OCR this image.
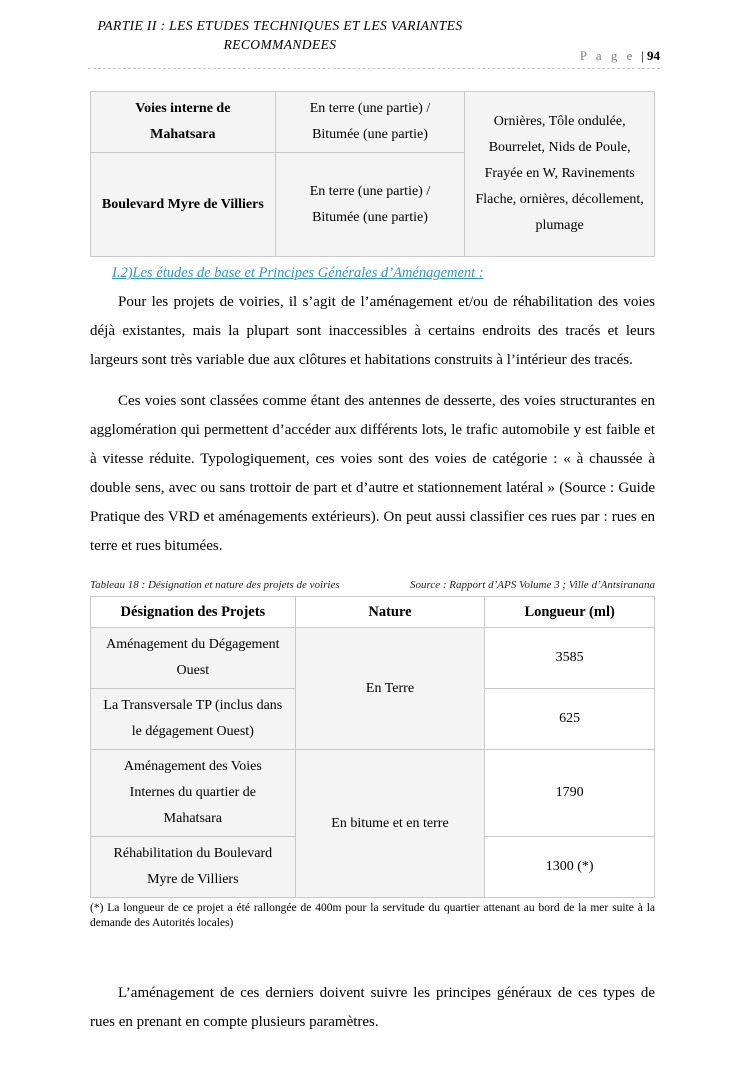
PARTIE II : LES ETUDES TECHNIQUES ET LES VARIANTES
RECOMMANDEES
P a g e | 94
Voies interne de Mahatsara	En terre (une partie) / Bitumée (une partie)	Ornières, Tôle ondulée, Bourrelet, Nids de Poule, Frayée en W, Ravinements Flache, ornières, décollement, plumage
Boulevard Myre de Villiers	En terre (une partie) / Bitumée (une partie)	
I.2)Les études de base et Principes Générales d’Aménagement :

Pour les projets de voiries, il s’agit de l’aménagement et/ou de réhabilitation des voies déjà existantes, mais la plupart sont inaccessibles à certains endroits des tracés et leurs largeurs sont très variable due aux clôtures et habitations construits à l’intérieur des tracés.

Ces voies sont classées comme étant des antennes de desserte, des voies structurantes en agglomération qui permettent d’accéder aux différents lots, le trafic automobile y est faible et à vitesse réduite. Typologiquement, ces voies sont des voies de catégorie : « à chaussée à double sens, avec ou sans trottoir de part et d’autre et stationnement latéral » (Source : Guide Pratique des VRD et aménagements extérieurs). On peut aussi classifier ces rues par : rues en terre et rues bitumées.

Tableau 18 : Désignation et nature des projets de voiries	Source : Rapport d’APS Volume 3 ; Ville d’Antsiranana
Désignation des Projets	Nature	Longueur (ml)
Aménagement du Dégagement Ouest	En Terre	3585
La Transversale TP (inclus dans le dégagement Ouest)		625
Aménagement des Voies Internes du quartier de Mahatsara	En bitume et en terre	1790
Réhabilitation du Boulevard Myre de Villiers		1300 (*)

(*) La longueur de ce projet a été rallongée de 400m pour la servitude du quartier attenant au bord de la mer suite à la demande des Autorités locales)

L’aménagement de ces derniers doivent suivre les principes généraux de ces types de rues en prenant en compte plusieurs paramètres.
